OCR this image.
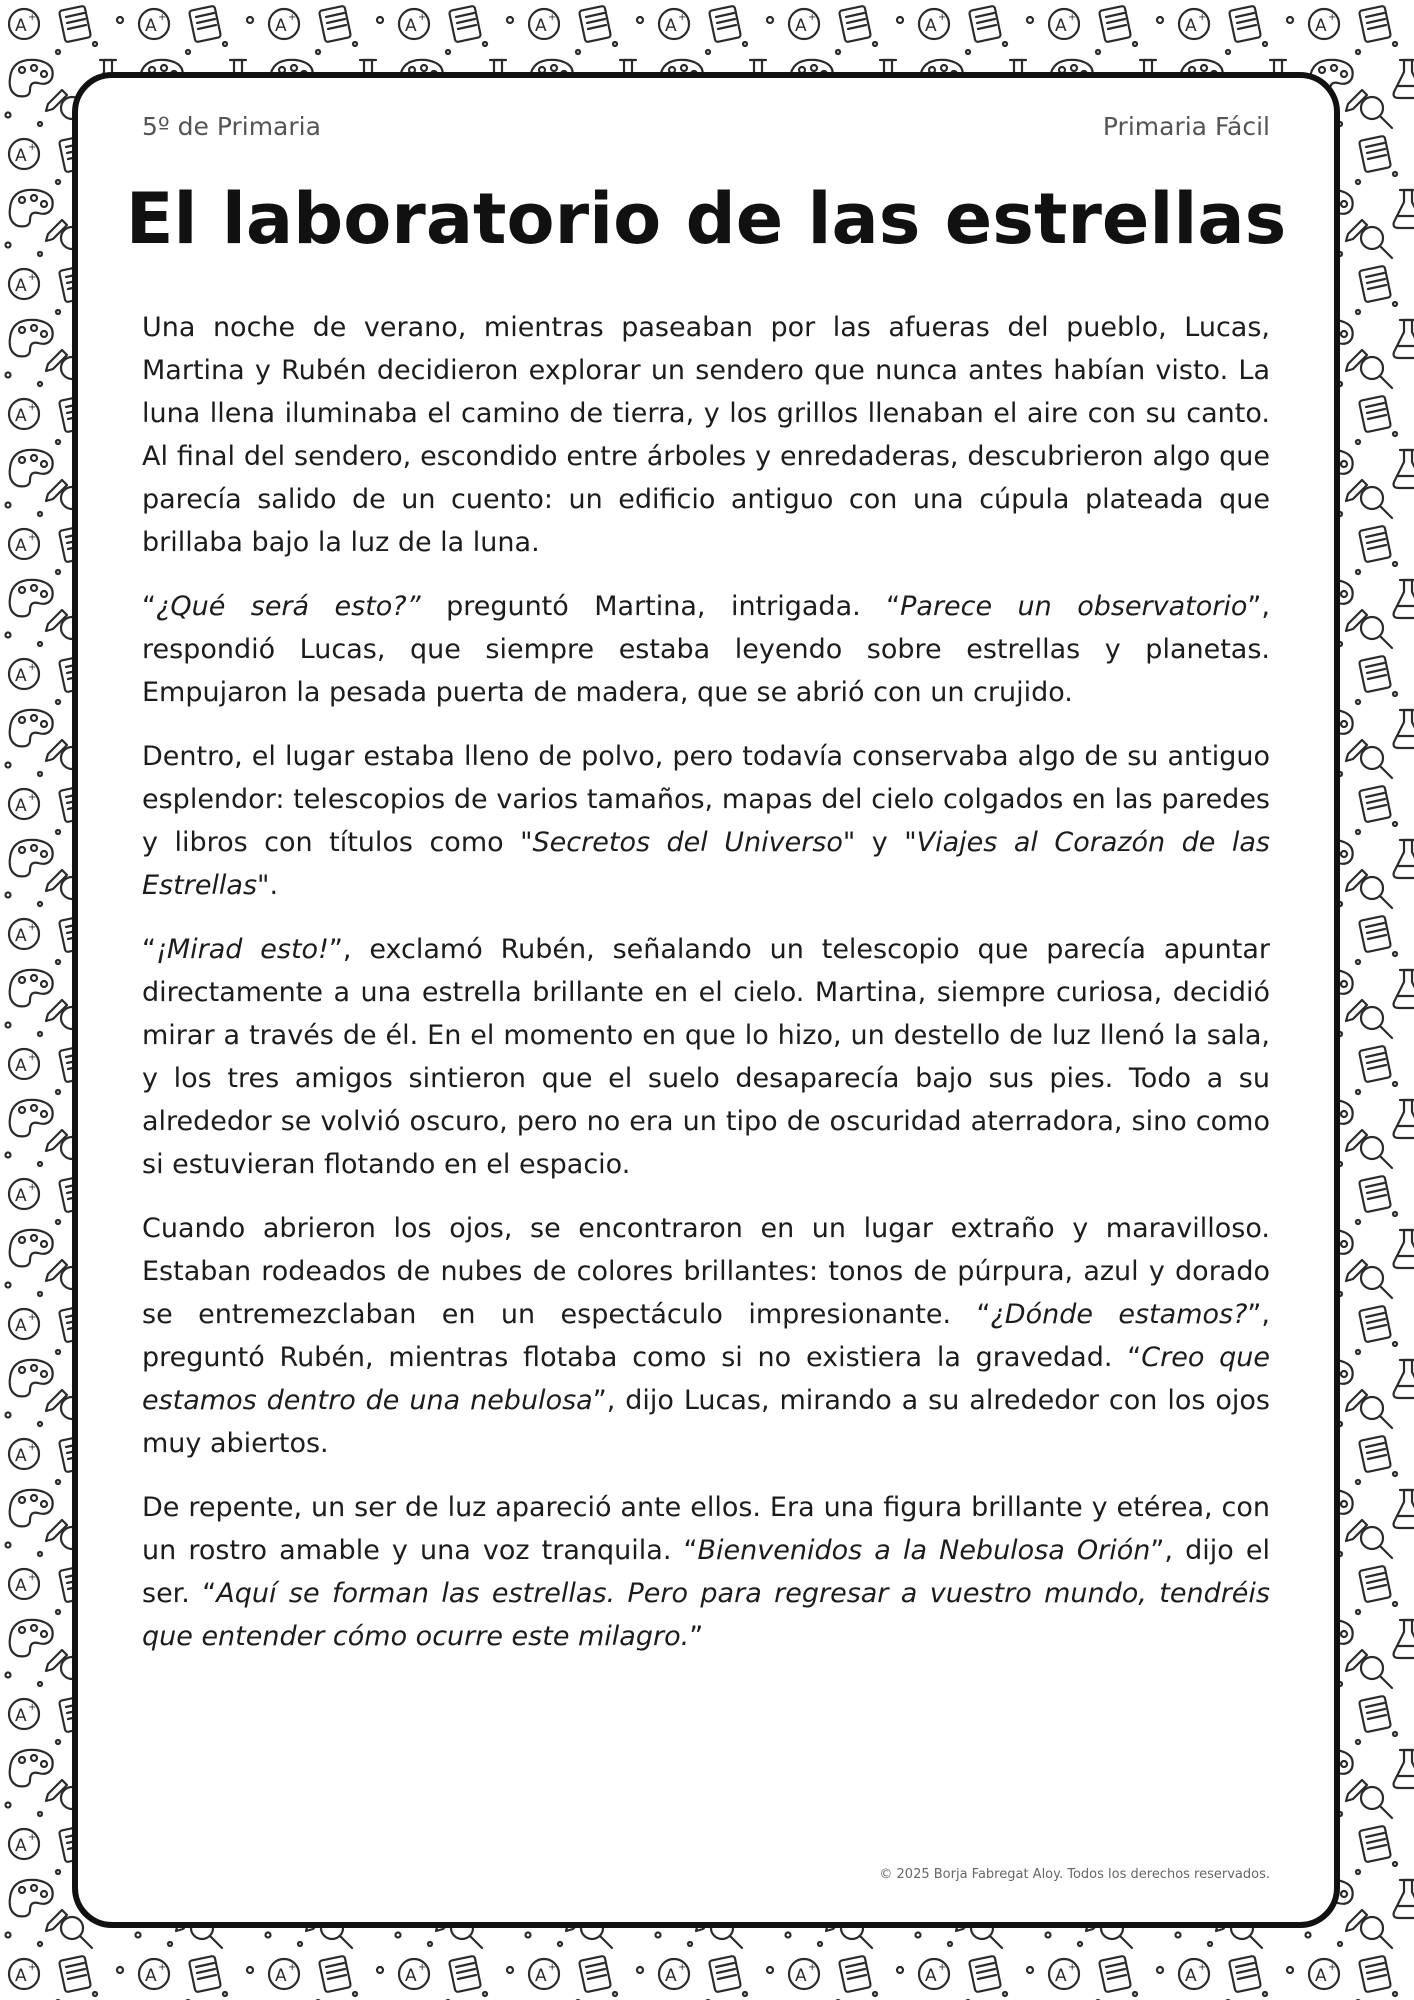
5º de Primaria	Primaria Fácil
El laboratorio de las estrellas

Una noche de verano, mientras paseaban por las afueras del pueblo, Lucas, Martina y Rubén decidieron explorar un sendero que nunca antes habían visto. La luna llena iluminaba el camino de tierra, y los grillos llenaban el aire con su canto. Al final del sendero, escondido entre árboles y enredaderas, descubrieron algo que parecía salido de un cuento: un edificio antiguo con una cúpula plateada que brillaba bajo la luz de la luna.

“¿Qué será esto?” preguntó Martina, intrigada. “Parece un observatorio”, respondió Lucas, que siempre estaba leyendo sobre estrellas y planetas. Empujaron la pesada puerta de madera, que se abrió con un crujido.

Dentro, el lugar estaba lleno de polvo, pero todavía conservaba algo de su antiguo esplendor: telescopios de varios tamaños, mapas del cielo colgados en las paredes y libros con títulos como "Secretos del Universo" y "Viajes al Corazón de las Estrellas".

“¡Mirad esto!”, exclamó Rubén, señalando un telescopio que parecía apuntar directamente a una estrella brillante en el cielo. Martina, siempre curiosa, decidió mirar a través de él. En el momento en que lo hizo, un destello de luz llenó la sala, y los tres amigos sintieron que el suelo desaparecía bajo sus pies. Todo a su alrededor se volvió oscuro, pero no era un tipo de oscuridad aterradora, sino como si estuvieran flotando en el espacio.

Cuando abrieron los ojos, se encontraron en un lugar extraño y maravilloso. Estaban rodeados de nubes de colores brillantes: tonos de púrpura, azul y dorado se entremezclaban en un espectáculo impresionante. “¿Dónde estamos?”, preguntó Rubén, mientras flotaba como si no existiera la gravedad. “Creo que estamos dentro de una nebulosa”, dijo Lucas, mirando a su alrededor con los ojos muy abiertos.

De repente, un ser de luz apareció ante ellos. Era una figura brillante y etérea, con un rostro amable y una voz tranquila. “Bienvenidos a la Nebulosa Orión”, dijo el ser. “Aquí se forman las estrellas. Pero para regresar a vuestro mundo, tendréis que entender cómo ocurre este milagro.”

© 2025 Borja Fabregat Aloy. Todos los derechos reservados.
